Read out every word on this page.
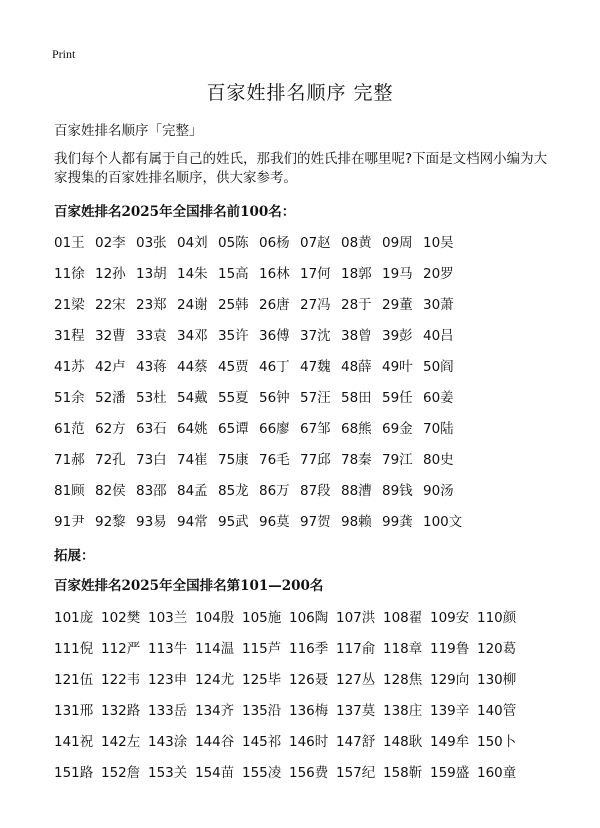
Print
百家姓排名顺序 完整
百家姓排名顺序「完整」
我们每个人都有属于自己的姓氏，那我们的姓氏排在哪里呢?下面是文档网小编为大家搜集的百家姓排名顺序，供大家参考。
百家姓排名2025年全国排名前100名：
01王 02李 03张 04刘 05陈 06杨 07赵 08黄 09周 10吴
11徐 12孙 13胡 14朱 15高 16林 17何 18郭 19马 20罗
21梁 22宋 23郑 24谢 25韩 26唐 27冯 28于 29董 30萧
31程 32曹 33袁 34邓 35许 36傅 37沈 38曾 39彭 40吕
41苏 42卢 43蒋 44蔡 45贾 46丁 47魏 48薛 49叶 50阎
51余 52潘 53杜 54戴 55夏 56钟 57汪 58田 59任 60姜
61范 62方 63石 64姚 65谭 66廖 67邹 68熊 69金 70陆
71郝 72孔 73白 74崔 75康 76毛 77邱 78秦 79江 80史
81顾 82侯 83邵 84孟 85龙 86万 87段 88漕 89钱 90汤
91尹 92黎 93易 94常 95武 96莫 97贺 98赖 99龚 100文
拓展：
百家姓排名2025年全国排名第101—200名
101庞 102樊 103兰 104殷 105施 106陶 107洪 108翟 109安 110颜
111倪 112严 113牛 114温 115芦 116季 117俞 118章 119鲁 120葛
121伍 122韦 123申 124尤 125毕 126聂 127丛 128焦 129向 130柳
131邢 132路 133岳 134齐 135沿 136梅 137莫 138庄 139辛 140管
141祝 142左 143涂 144谷 145祁 146时 147舒 148耿 149牟 150卜
151路 152詹 153关 154苗 155凌 156费 157纪 158靳 159盛 160童
